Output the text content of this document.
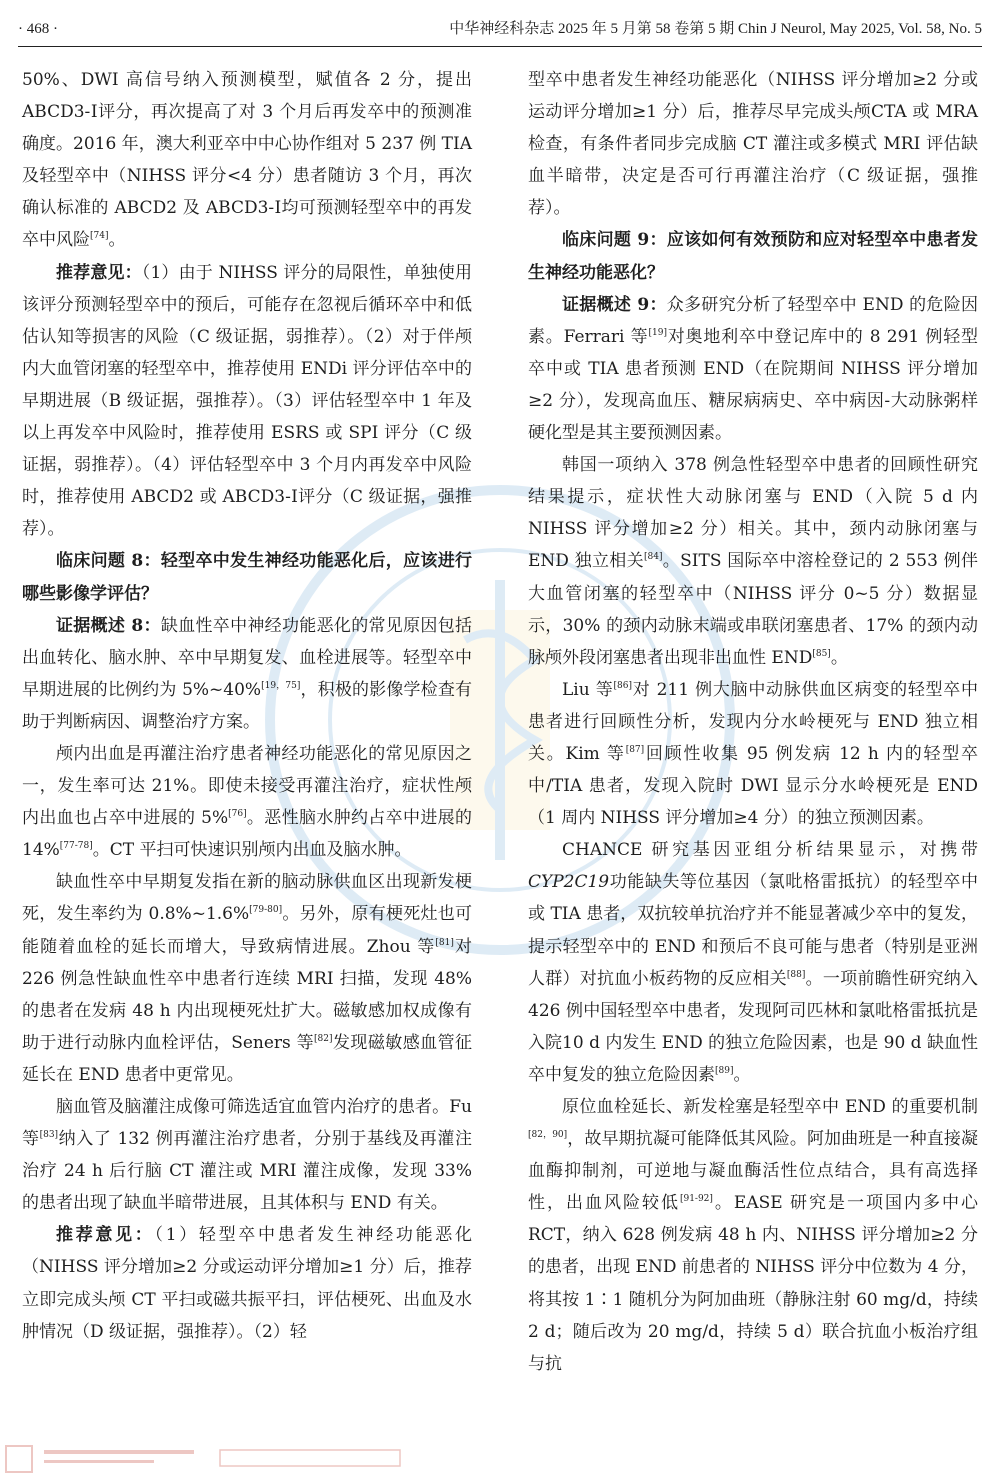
· 468 ·	中华神经科杂志 2025 年 5 月第 58 卷第 5 期 Chin J Neurol, May 2025, Vol. 58, No. 5

50%、DWI 高信号纳入预测模型，赋值各 2 分，提出ABCD3-Ⅰ评分，再次提高了对 3 个月后再发卒中的预测准确度。2016 年，澳大利亚卒中中心协作组对 5 237 例 TIA 及轻型卒中（NIHSS 评分<4 分）患者随访 3 个月，再次确认标准的 ABCD2 及 ABCD3-Ⅰ均可预测轻型卒中的再发卒中风险[74]。

推荐意见：（1）由于 NIHSS 评分的局限性，单独使用该评分预测轻型卒中的预后，可能存在忽视后循环卒中和低估认知等损害的风险（C 级证据，弱推荐）。（2）对于伴颅内大血管闭塞的轻型卒中，推荐使用 ENDi 评分评估卒中的早期进展（B 级证据，强推荐）。（3）评估轻型卒中 1 年及以上再发卒中风险时，推荐使用 ESRS 或 SPI 评分（C 级证据，弱推荐）。（4）评估轻型卒中 3 个月内再发卒中风险时，推荐使用 ABCD2 或 ABCD3-Ⅰ评分（C 级证据，强推荐）。

临床问题 8：轻型卒中发生神经功能恶化后，应该进行哪些影像学评估？

证据概述 8：缺血性卒中神经功能恶化的常见原因包括出血转化、脑水肿、卒中早期复发、血栓进展等。轻型卒中早期进展的比例约为 5%~40%[19，75]，积极的影像学检查有助于判断病因、调整治疗方案。

颅内出血是再灌注治疗患者神经功能恶化的常见原因之一，发生率可达 21%。即使未接受再灌注治疗，症状性颅内出血也占卒中进展的 5%[76]。恶性脑水肿约占卒中进展的 14%[77-78]。CT 平扫可快速识别颅内出血及脑水肿。

缺血性卒中早期复发指在新的脑动脉供血区出现新发梗死，发生率约为 0.8%~1.6%[79-80]。另外，原有梗死灶也可能随着血栓的延长而增大，导致病情进展。Zhou 等[81]对 226 例急性缺血性卒中患者行连续 MRI 扫描，发现 48% 的患者在发病 48 h 内出现梗死灶扩大。磁敏感加权成像有助于进行动脉内血栓评估，Seners 等[82]发现磁敏感血管征延长在 END 患者中更常见。

脑血管及脑灌注成像可筛选适宜血管内治疗的患者。Fu 等[83]纳入了 132 例再灌注治疗患者，分别于基线及再灌注治疗 24 h 后行脑 CT 灌注或 MRI 灌注成像，发现 33% 的患者出现了缺血半暗带进展，且其体积与 END 有关。

推荐意见：（1）轻型卒中患者发生神经功能恶化（NIHSS 评分增加≥2 分或运动评分增加≥1 分）后，推荐立即完成头颅 CT 平扫或磁共振平扫，评估梗死、出血及水肿情况（D 级证据，强推荐）。（2）轻

型卒中患者发生神经功能恶化（NIHSS 评分增加≥2 分或运动评分增加≥1 分）后，推荐尽早完成头颅CTA 或 MRA 检查，有条件者同步完成脑 CT 灌注或多模式 MRI 评估缺血半暗带，决定是否可行再灌注治疗（C 级证据，强推荐）。

临床问题 9：应该如何有效预防和应对轻型卒中患者发生神经功能恶化？

证据概述 9：众多研究分析了轻型卒中 END 的危险因素。Ferrari 等[19]对奥地利卒中登记库中的 8 291 例轻型卒中或 TIA 患者预测 END（在院期间 NIHSS 评分增加≥2 分），发现高血压、糖尿病病史、卒中病因-大动脉粥样硬化型是其主要预测因素。

韩国一项纳入 378 例急性轻型卒中患者的回顾性研究结果提示，症状性大动脉闭塞与 END（入院 5 d 内 NIHSS 评分增加≥2 分）相关。其中，颈内动脉闭塞与 END 独立相关[84]。SITS 国际卒中溶栓登记的 2 553 例伴大血管闭塞的轻型卒中（NIHSS 评分 0~5 分）数据显示，30% 的颈内动脉末端或串联闭塞患者、17% 的颈内动脉颅外段闭塞患者出现非出血性 END[85]。

Liu 等[86]对 211 例大脑中动脉供血区病变的轻型卒中患者进行回顾性分析，发现内分水岭梗死与 END 独立相关。Kim 等[87]回顾性收集 95 例发病 12 h 内的轻型卒中/TIA 患者，发现入院时 DWI 显示分水岭梗死是 END（1 周内 NIHSS 评分增加≥4 分）的独立预测因素。

CHANCE 研究基因亚组分析结果显示，对携带CYP2C19功能缺失等位基因（氯吡格雷抵抗）的轻型卒中或 TIA 患者，双抗较单抗治疗并不能显著减少卒中的复发，提示轻型卒中的 END 和预后不良可能与患者（特别是亚洲人群）对抗血小板药物的反应相关[88]。一项前瞻性研究纳入 426 例中国轻型卒中患者，发现阿司匹林和氯吡格雷抵抗是入院10 d 内发生 END 的独立危险因素，也是 90 d 缺血性卒中复发的独立危险因素[89]。

原位血栓延长、新发栓塞是轻型卒中 END 的重要机制[82，90]，故早期抗凝可能降低其风险。阿加曲班是一种直接凝血酶抑制剂，可逆地与凝血酶活性位点结合，具有高选择性，出血风险较低[91-92]。EASE 研究是一项国内多中心 RCT，纳入 628 例发病 48 h 内、NIHSS 评分增加≥2 分的患者，出现 END 前患者的 NIHSS 评分中位数为 4 分，将其按 1∶1 随机分为阿加曲班（静脉注射 60 mg/d，持续 2 d；随后改为 20 mg/d，持续 5 d）联合抗血小板治疗组与抗
